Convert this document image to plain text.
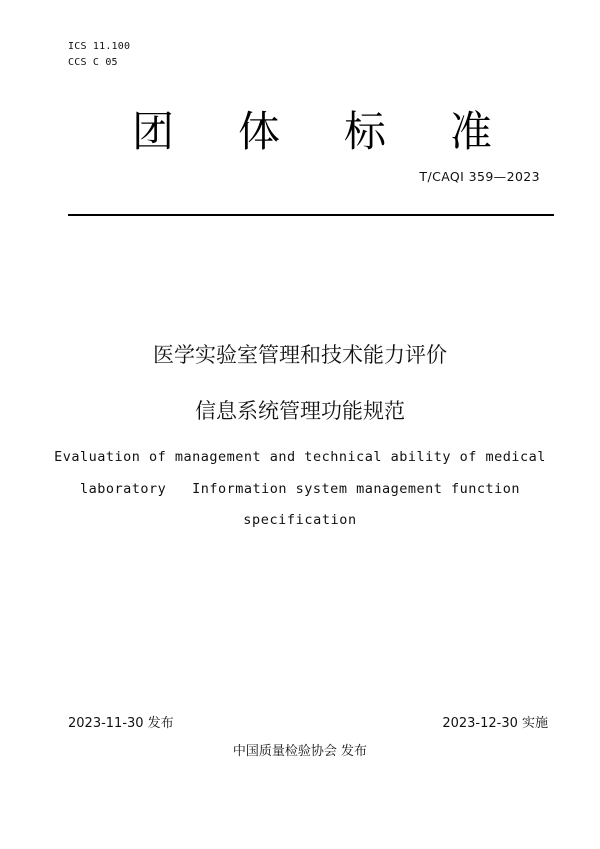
ICS 11.100
CCS C 05
团 体 标 准
T/CAQI 359—2023
医学实验室管理和技术能力评价
信息系统管理功能规范
Evaluation of management and technical ability of medical
laboratory   Information system management function
specification
2023-11-30 发布	2023-12-30 实施
中国质量检验协会 发布
